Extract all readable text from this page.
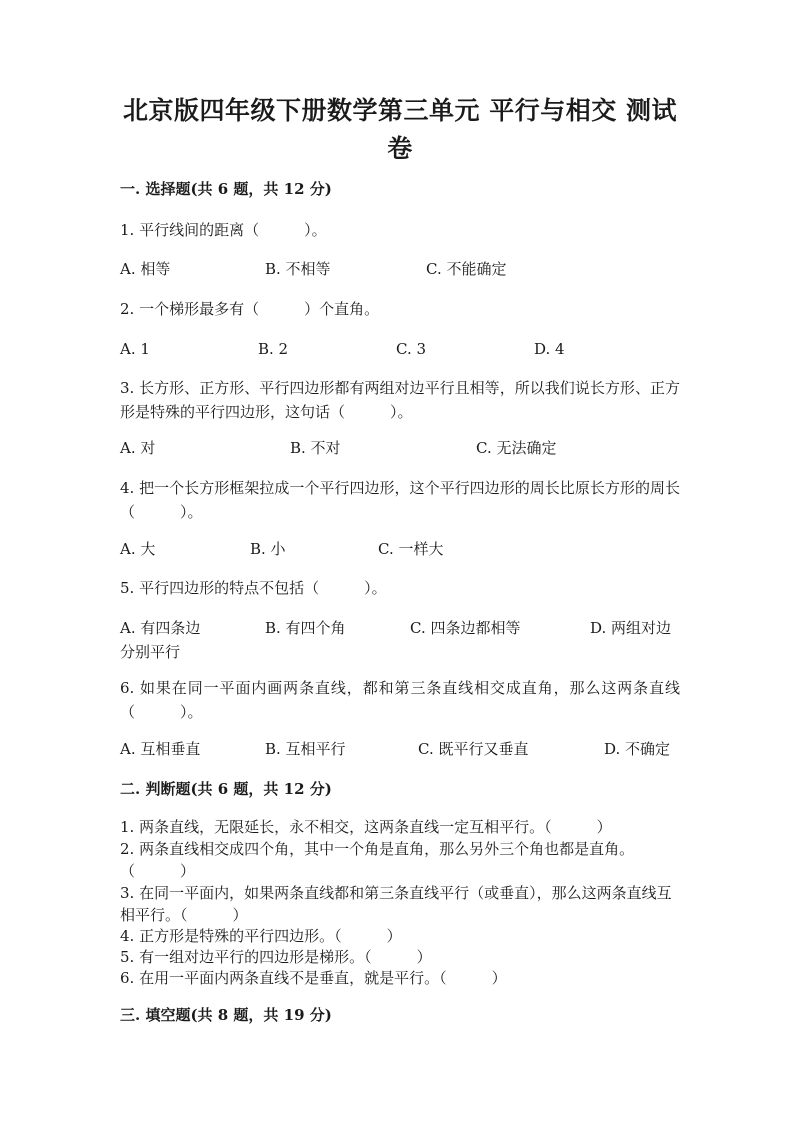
北京版四年级下册数学第三单元 平行与相交 测试卷
一. 选择题(共 6 题，共 12 分)
1. 平行线间的距离（　　　）。
A. 相等	B. 不相等	C. 不能确定
2. 一个梯形最多有（　　　）个直角。
A. 1	B. 2	C. 3	D. 4
3. 长方形、正方形、平行四边形都有两组对边平行且相等，所以我们说长方形、正方形是特殊的平行四边形，这句话（　　　）。
A. 对	B. 不对	C. 无法确定
4. 把一个长方形框架拉成一个平行四边形，这个平行四边形的周长比原长方形的周长（　　　）。
A. 大	B. 小	C. 一样大
5. 平行四边形的特点不包括（　　　）。
A. 有四条边	B. 有四个角	C. 四条边都相等	D. 两组对边分别平行
6. 如果在同一平面内画两条直线，都和第三条直线相交成直角，那么这两条直线（　　　）。
A. 互相垂直	B. 互相平行	C. 既平行又垂直	D. 不确定
二. 判断题(共 6 题，共 12 分)
1. 两条直线，无限延长，永不相交，这两条直线一定互相平行。（　　　）
2. 两条直线相交成四个角，其中一个角是直角，那么另外三个角也都是直角。（　　　）
3. 在同一平面内，如果两条直线都和第三条直线平行（或垂直），那么这两条直线互相平行。（　　　）
4. 正方形是特殊的平行四边形。（　　　）
5. 有一组对边平行的四边形是梯形。（　　　）
6. 在用一平面内两条直线不是垂直，就是平行。（　　　）
三. 填空题(共 8 题，共 19 分)
